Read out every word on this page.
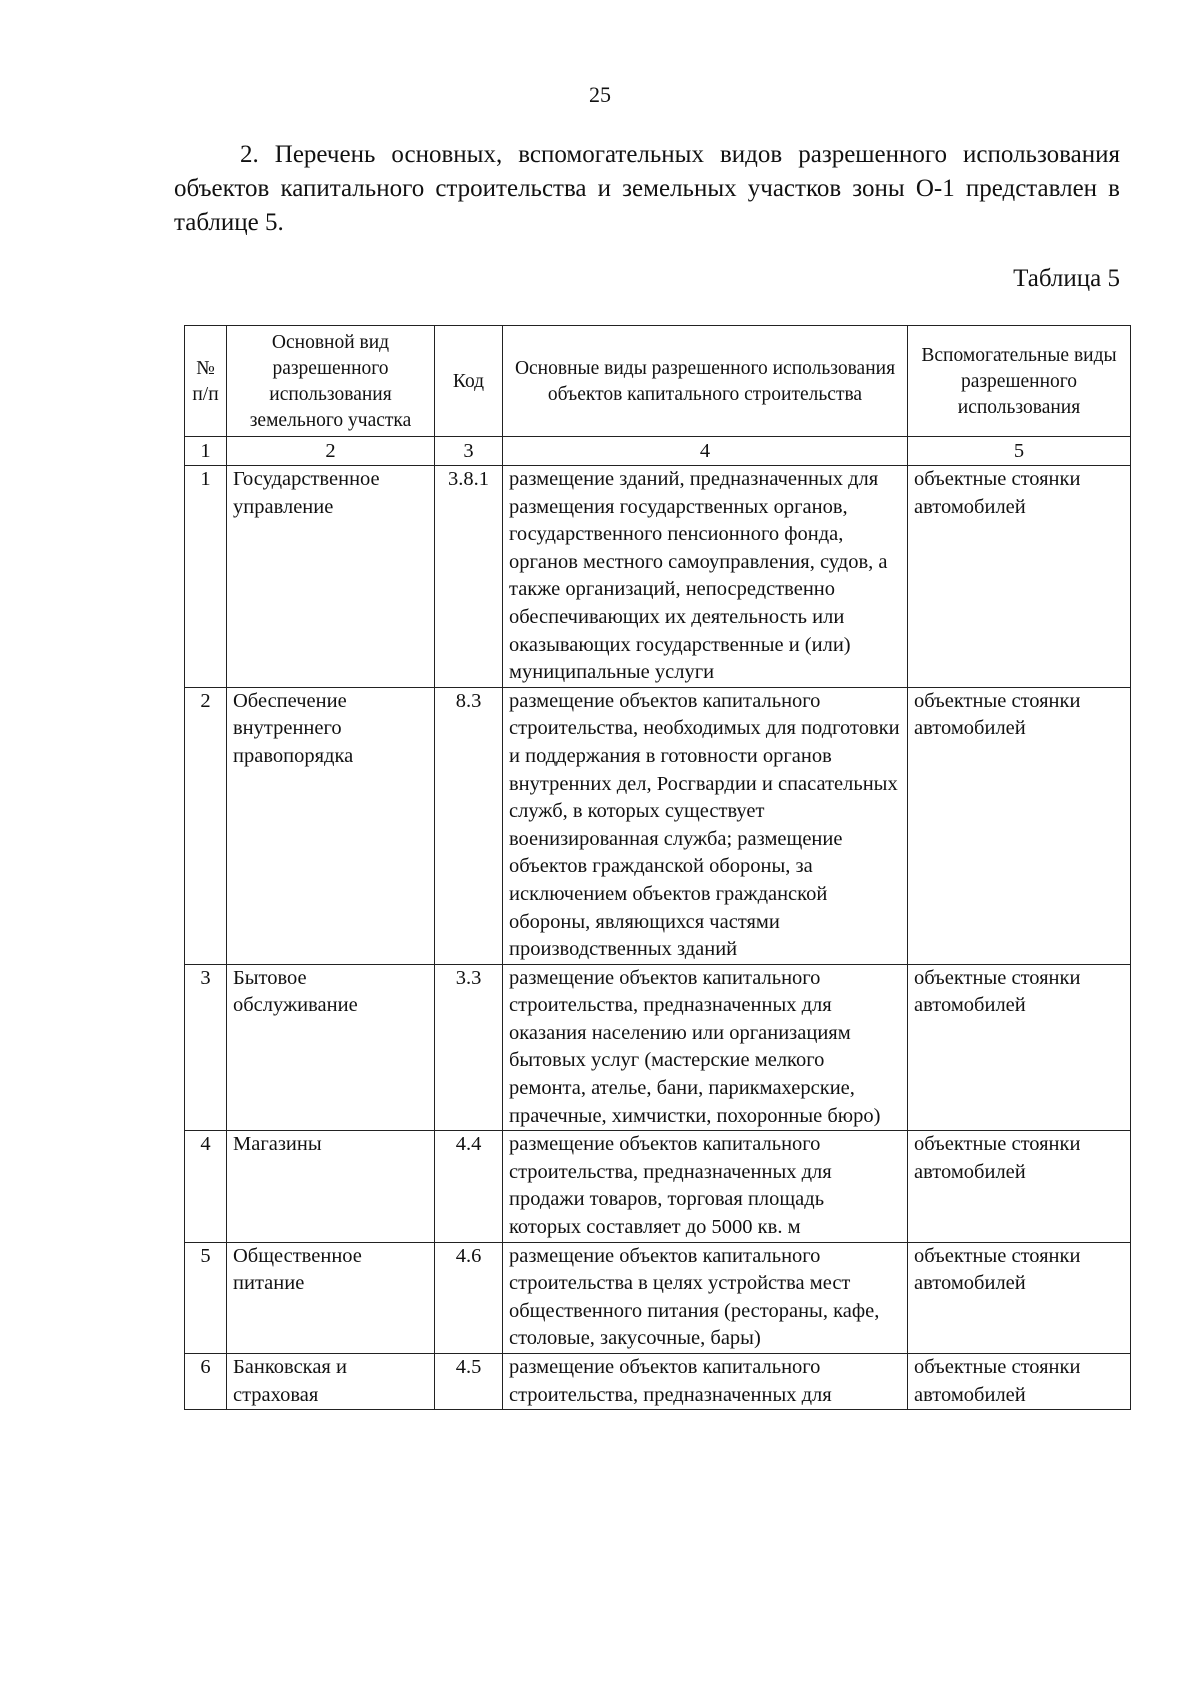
25

2. Перечень основных, вспомогательных видов разрешенного использования объектов капитального строительства и земельных участков зоны О-1 представлен в таблице 5.

Таблица 5
№ п/п	Основной вид разрешенного использования земельного участка	Код	Основные виды разрешенного использования объектов капитального строительства	Вспомогательные виды разрешенного использования
1	2	3	4	5
1	Государственное управление	3.8.1	размещение зданий, предназначенных для размещения государственных органов, государственного пенсионного фонда, органов местного самоуправления, судов, а также организаций, непосредственно обеспечивающих их деятельность или оказывающих государственные и (или) муниципальные услуги	объектные стоянки автомобилей
2	Обеспечение внутреннего правопорядка	8.3	размещение объектов капитального строительства, необходимых для подготовки и поддержания в готовности органов внутренних дел, Росгвардии и спасательных служб, в которых существует военизированная служба; размещение объектов гражданской обороны, за исключением объектов гражданской обороны, являющихся частями производственных зданий	объектные стоянки автомобилей
3	Бытовое обслуживание	3.3	размещение объектов капитального строительства, предназначенных для оказания населению или организациям бытовых услуг (мастерские мелкого ремонта, ателье, бани, парикмахерские, прачечные, химчистки, похоронные бюро)	объектные стоянки автомобилей
4	Магазины	4.4	размещение объектов капитального строительства, предназначенных для продажи товаров, торговая площадь которых составляет до 5000 кв. м	объектные стоянки автомобилей
5	Общественное питание	4.6	размещение объектов капитального строительства в целях устройства мест общественного питания (рестораны, кафе, столовые, закусочные, бары)	объектные стоянки автомобилей
6	Банковская и страховая	4.5	размещение объектов капитального строительства, предназначенных для	объектные стоянки автомобилей
